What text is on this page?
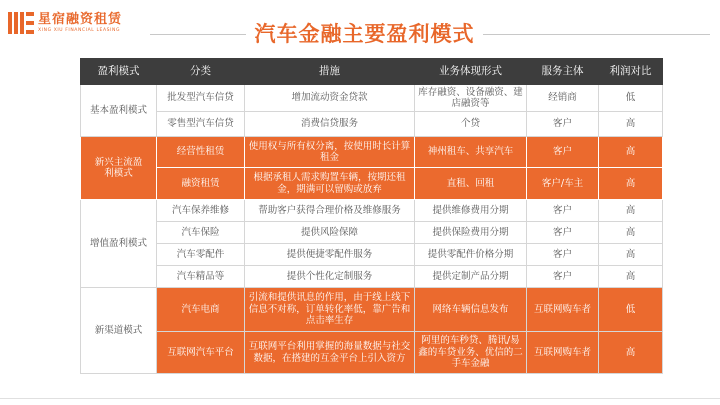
星宿融资租赁
XING XIU FINANCIAL LEASING	汽车金融主要盈利模式
盈利模式	分类	措施	业务体现形式	服务主体	利润对比
基本盈利模式	批发型汽车信贷	增加流动资金贷款	库存融资、设备融资、建店融资等	经销商	低
	零售型汽车信贷	消费信贷服务	个贷	客户	高
新兴主流盈利模式	经营性租赁	使用权与所有权分离，按使用时长计算租金	神州租车、共享汽车	客户	高
	融资租赁	根据承租人需求购置车辆，按期还租金，期满可以留购或放弃	直租、回租	客户/车主	高
增值盈利模式	汽车保养维修	帮助客户获得合理价格及维修服务	提供维修费用分期	客户	高
	汽车保险	提供风险保障	提供保险费用分期	客户	高
	汽车零配件	提供便捷零配件服务	提供零配件价格分期	客户	高
	汽车精品等	提供个性化定制服务	提供定制产品分期	客户	高
新渠道模式	汽车电商	引流和提供讯息的作用，由于线上线下信息不对称，订单转化率低，靠广告和点击率生存	网络车辆信息发布	互联网购车者	低
	互联网汽车平台	互联网平台利用掌握的海量数据与社交数据，在搭建的互金平台上引入资方	阿里的车秒贷、腾讯/易鑫的车贷业务、优信的二手车金融	互联网购车者	高
